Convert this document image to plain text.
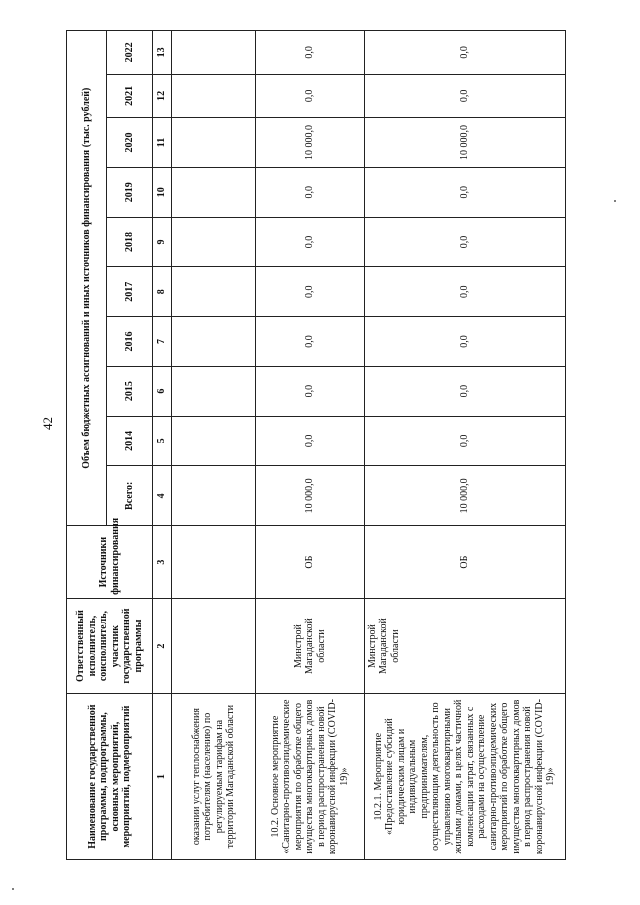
42
Наименование государственной программы, подпрограммы, основных мероприятий, мероприятий, подмероприятий	Ответственный исполнитель, соисполнитель, участник государственной программы	Источники финансирования	Объем бюджетных ассигнований и иных источников финансирования (тыс. рублей)									
			Всего:	2014	2015	2016	2017	2018	2019	2020	2021	2022
1	2	3	4	5	6	7	8	9	10	11	12	13
оказании услуг теплоснабжения потребителям (населению) по регулируемым тарифам на территории Магаданской области												
10.2. Основное мероприятие «Санитарно-противоэпидемические мероприятия по обработке общего имущества многоквартирных домов в период распространения новой коронавирусной инфекции (COVID-19)»	Минстрой Магаданской области	ОБ	10 000,0	0,0	0,0	0,0	0,0	0,0	0,0	10 000,0	0,0	0,0
10.2.1. Мероприятие «Предоставление субсидий юридическим лицам и индивидуальным предпринимателям, осуществляющим деятельность по управлению многоквартирными жилыми домами, в целях частичной компенсации затрат, связанных с расходами на осуществление санитарно-противоэпидемических мероприятий по обработке общего имущества многоквартирных домов в период распространения новой коронавирусной инфекции (COVID-19)»	Минстрой Магаданской области	ОБ	10 000,0	0,0	0,0	0,0	0,0	0,0	0,0	10 000,0	0,0	0,0
